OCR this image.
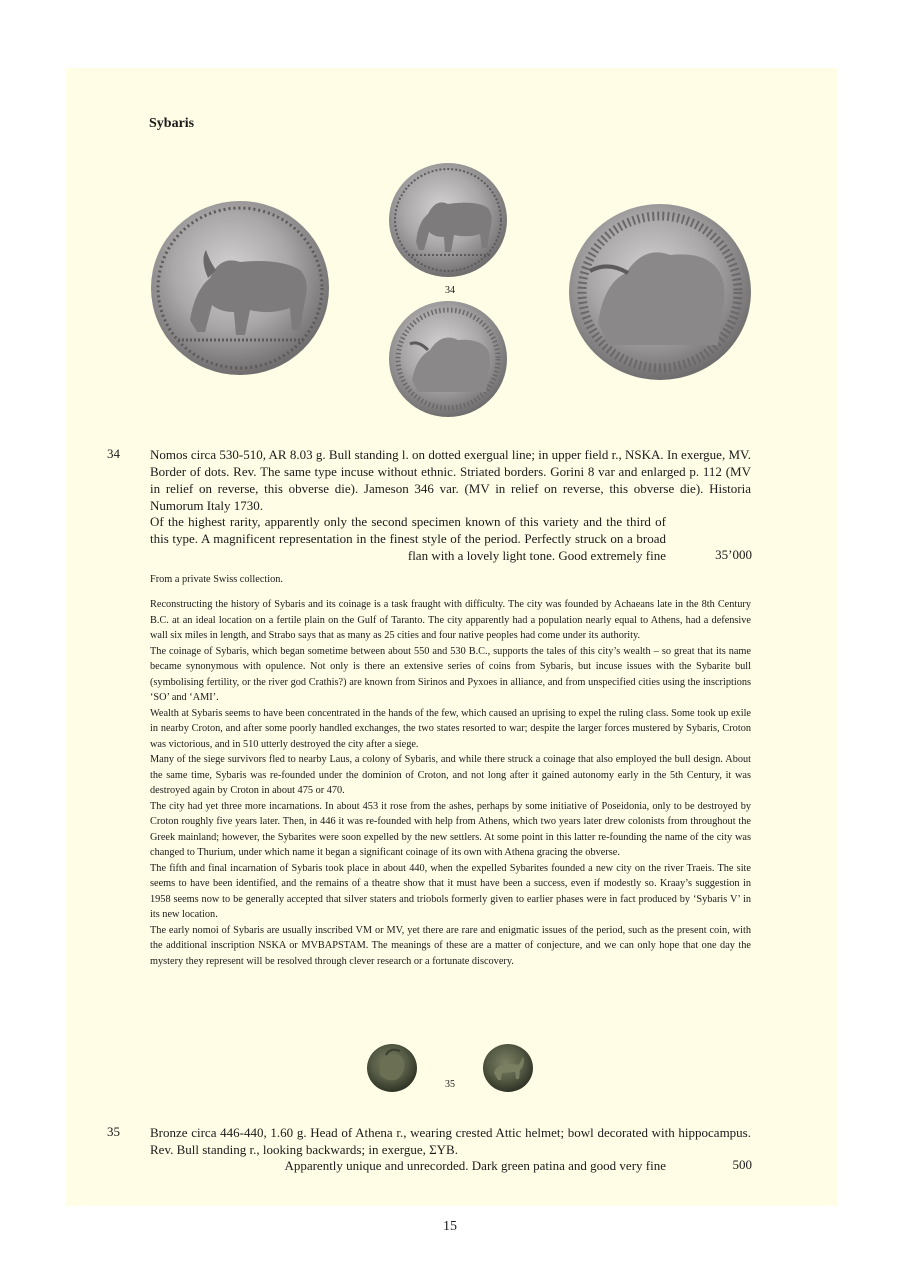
Sybaris
34
34 Nomos circa 530-510, AR 8.03 g. Bull standing l. on dotted exergual line; in upper field r., NSKA. In exergue, MV. Border of dots. Rev. The same type incuse without ethnic. Striated borders. Gorini 8 var and enlarged p. 112 (MV in relief on reverse, this obverse die). Jameson 346 var. (MV in relief on reverse, this obverse die). Historia Numorum Italy 1730.

Of the highest rarity, apparently only the second specimen known of this variety and the third of this type. A magnificent representation in the finest style of the period. Perfectly struck on a broad flan with a lovely light tone. Good extremely fine	35’000
From a private Swiss collection.

Reconstructing the history of Sybaris and its coinage is a task fraught with difficulty. The city was founded by Achaeans late in the 8th Century B.C. at an ideal location on a fertile plain on the Gulf of Taranto. The city apparently had a population nearly equal to Athens, had a defensive wall six miles in length, and Strabo says that as many as 25 cities and four native peoples had come under its authority.

The coinage of Sybaris, which began sometime between about 550 and 530 B.C., supports the tales of this city’s wealth – so great that its name became synonymous with opulence. Not only is there an extensive series of coins from Sybaris, but incuse issues with the Sybarite bull (symbolising fertility, or the river god Crathis?) are known from Sirinos and Pyxoes in alliance, and from unspecified cities using the inscriptions ‘SO’ and ‘AMI’.

Wealth at Sybaris seems to have been concentrated in the hands of the few, which caused an uprising to expel the ruling class. Some took up exile in nearby Croton, and after some poorly handled exchanges, the two states resorted to war; despite the larger forces mustered by Sybaris, Croton was victorious, and in 510 utterly destroyed the city after a siege.

Many of the siege survivors fled to nearby Laus, a colony of Sybaris, and while there struck a coinage that also employed the bull design. About the same time, Sybaris was re-founded under the dominion of Croton, and not long after it gained autonomy early in the 5th Century, it was destroyed again by Croton in about 475 or 470.

The city had yet three more incarnations. In about 453 it rose from the ashes, perhaps by some initiative of Poseidonia, only to be destroyed by Croton roughly five years later. Then, in 446 it was re-founded with help from Athens, which two years later drew colonists from throughout the Greek mainland; however, the Sybarites were soon expelled by the new settlers. At some point in this latter re-founding the name of the city was changed to Thurium, under which name it began a significant coinage of its own with Athena gracing the obverse.

The fifth and final incarnation of Sybaris took place in about 440, when the expelled Sybarites founded a new city on the river Traeis. The site seems to have been identified, and the remains of a theatre show that it must have been a success, even if modestly so. Kraay’s suggestion in 1958 seems now to be generally accepted that silver staters and triobols formerly given to earlier phases were in fact produced by ‘Sybaris V’ in its new location.

The early nomoi of Sybaris are usually inscribed VM or MV, yet there are rare and enigmatic issues of the period, such as the present coin, with the additional inscription NSKA or MVBAPSTAM. The meanings of these are a matter of conjecture, and we can only hope that one day the mystery they represent will be resolved through clever research or a fortunate discovery.

35
35 Bronze circa 446-440, 1.60 g. Head of Athena r., wearing crested Attic helmet; bowl decorated with hippocampus. Rev. Bull standing r., looking backwards; in exergue, ΣΥΒ.

Apparently unique and unrecorded. Dark green patina and good very fine	500
15
